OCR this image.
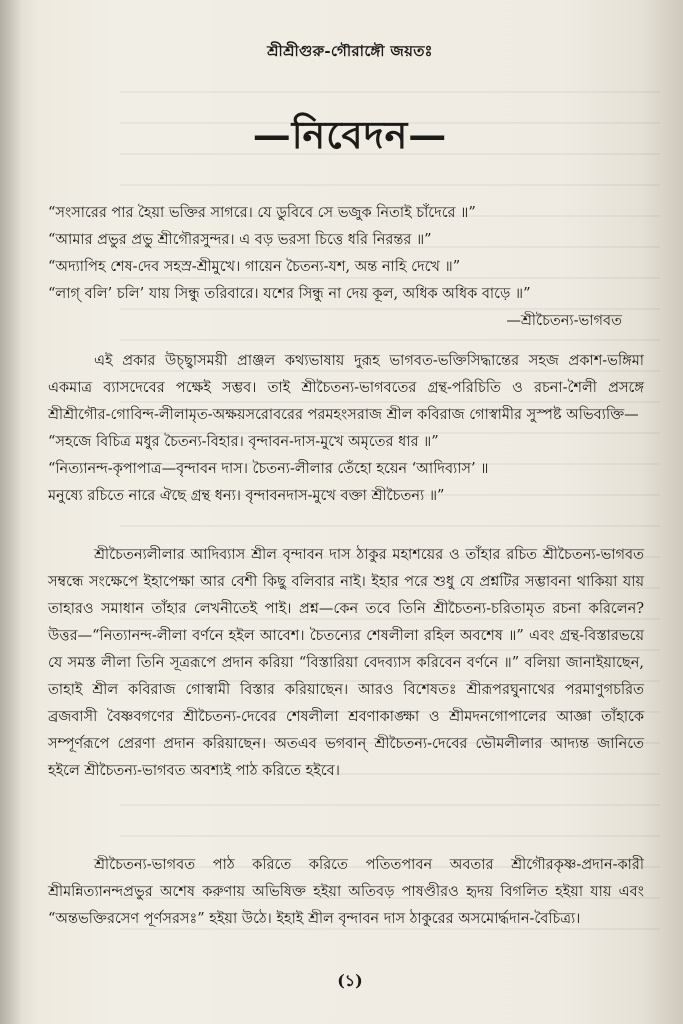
শ্রীশ্রীগুরু-গৌরাঙ্গৌ জয়তঃ
—নিবেদন—
“সংসারের পার হৈয়া ভক্তির সাগরে। যে ডুবিবে সে ভজুক নিতাই চাঁদেরে ॥”
“আমার প্রভুর প্রভু শ্রীগৌরসুন্দর। এ বড় ভরসা চিত্তে ধরি নিরন্তর ॥”
“অদ্যাপিহ শেষ-দেব সহস্র-শ্রীমুখে। গায়েন চৈতন্য-যশ, অন্ত নাহি দেখে ॥”
“লাগ্ বলি’ চলি’ যায় সিন্ধু তরিবারে। যশের সিন্ধু না দেয় কূল, অধিক অধিক বাড়ে ॥”
—শ্রীচৈতন্য-ভাগবত

এই প্রকার উচ্ছ্বাসময়ী প্রাঞ্জল কথ্যভাষায় দুরূহ ভাগবত-ভক্তিসিদ্ধান্তের সহজ প্রকাশ-ভঙ্গিমা একমাত্র ব্যাসদেবের পক্ষেই সম্ভব। তাই শ্রীচৈতন্য-ভাগবতের গ্রন্থ-পরিচিতি ও রচনা-শৈলী প্রসঙ্গে শ্রীশ্রীগৌর-গোবিন্দ-লীলামৃত-অক্ষয়সরোবরের পরমহংসরাজ শ্রীল কবিরাজ গোস্বামীর সুস্পষ্ট অভিব্যক্তি—

“সহজে বিচিত্র মধুর চৈতন্য-বিহার। বৃন্দাবন-দাস-মুখে অমৃতের ধার ॥”
“নিত্যানন্দ-কৃপাপাত্র—বৃন্দাবন দাস। চৈতন্য-লীলার তেঁহো হয়েন ‘আদিব্যাস’ ॥
মনুষ্যে রচিতে নারে ঐছে গ্রন্থ ধন্য। বৃন্দাবনদাস-মুখে বক্তা শ্রীচৈতন্য ॥”

শ্রীচৈতন্যলীলার আদিব্যাস শ্রীল বৃন্দাবন দাস ঠাকুর মহাশয়ের ও তাঁহার রচিত শ্রীচৈতন্য-ভাগবত সম্বন্ধে সংক্ষেপে ইহাপেক্ষা আর বেশী কিছু বলিবার নাই। ইহার পরে শুধু যে প্রশ্নটির সম্ভাবনা থাকিয়া যায় তাহারও সমাধান তাঁহার লেখনীতেই পাই। প্রশ্ন—কেন তবে তিনি শ্রীচৈতন্য-চরিতামৃত রচনা করিলেন? উত্তর—“নিত্যানন্দ-লীলা বর্ণনে হইল আবেশ। চৈতন্যের শেষলীলা রহিল অবশেষ ॥” এবং গ্রন্থ-বিস্তারভয়ে যে সমস্ত লীলা তিনি সূত্ররূপে প্রদান করিয়া “বিস্তারিয়া বেদব্যাস করিবেন বর্ণনে ॥” বলিয়া জানাইয়াছেন, তাহাই শ্রীল কবিরাজ গোস্বামী বিস্তার করিয়াছেন। আরও বিশেষতঃ শ্রীরূপরঘুনাথের পরমাণুগচরিত ব্রজবাসী বৈষ্ণবগণের শ্রীচৈতন্য-দেবের শেষলীলা শ্রবণাকাঙ্ক্ষা ও শ্রীমদনগোপালের আজ্ঞা তাঁহাকে সম্পূর্ণরূপে প্রেরণা প্রদান করিয়াছেন। অতএব ভগবান্ শ্রীচৈতন্য-দেবের ভৌমলীলার আদ্যন্ত জানিতে হইলে শ্রীচৈতন্য-ভাগবত অবশ্যই পাঠ করিতে হইবে।

শ্রীচৈতন্য-ভাগবত পাঠ করিতে করিতে পতিতপাবন অবতার শ্রীগৌরকৃষ্ণ-প্রদান-কারী শ্রীমন্নিত্যানন্দপ্রভুর অশেষ করুণায় অভিষিক্ত হইয়া অতিবড় পাষণ্ডীরও হৃদয় বিগলিত হইয়া যায় এবং “অন্তভক্তিরসেণ পূর্ণসরসঃ” হইয়া উঠে। ইহাই শ্রীল বৃন্দাবন দাস ঠাকুরের অসমোর্দ্ধদান-বৈচিত্র্য।

(১)
